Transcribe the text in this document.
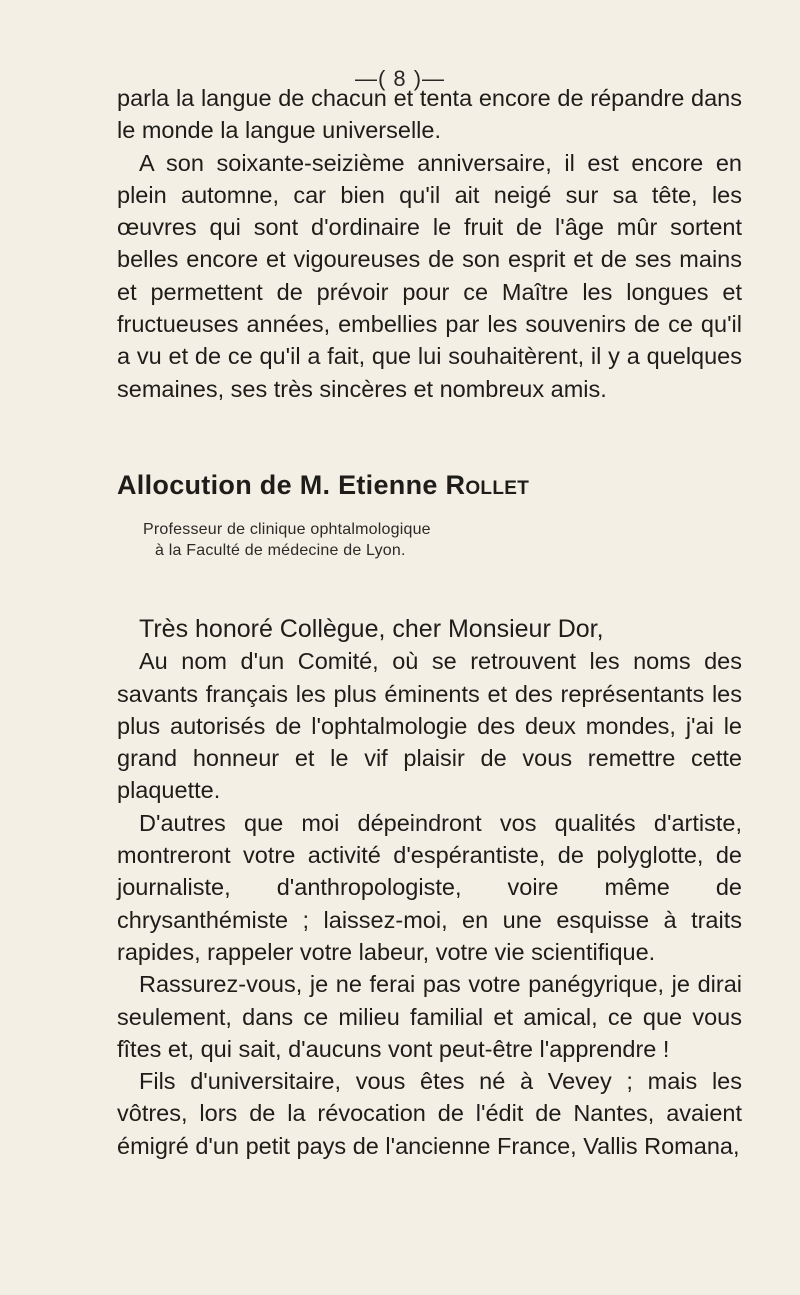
—( 8 )—

parla la langue de chacun et tenta encore de répandre dans le monde la langue universelle.

A son soixante-seizième anniversaire, il est encore en plein automne, car bien qu'il ait neigé sur sa tête, les œuvres qui sont d'ordinaire le fruit de l'âge mûr sortent belles encore et vigoureuses de son esprit et de ses mains et permettent de prévoir pour ce Maître les longues et fructueuses années, embellies par les souvenirs de ce qu'il a vu et de ce qu'il a fait, que lui souhaitèrent, il y a quelques semaines, ses très sincères et nombreux amis.

Allocution de M. Etienne Rollet
Professeur de clinique ophtalmologique
à la Faculté de médecine de Lyon.

Très honoré Collègue, cher Monsieur Dor,

Au nom d'un Comité, où se retrouvent les noms des savants français les plus éminents et des représentants les plus autorisés de l'ophtalmologie des deux mondes, j'ai le grand honneur et le vif plaisir de vous remettre cette plaquette.

D'autres que moi dépeindront vos qualités d'artiste, montreront votre activité d'espérantiste, de polyglotte, de journaliste, d'anthropologiste, voire même de chrysanthémiste ; laissez-moi, en une esquisse à traits rapides, rappeler votre labeur, votre vie scientifique.

Rassurez-vous, je ne ferai pas votre panégyrique, je dirai seulement, dans ce milieu familial et amical, ce que vous fîtes et, qui sait, d'aucuns vont peut-être l'apprendre !

Fils d'universitaire, vous êtes né à Vevey ; mais les vôtres, lors de la révocation de l'édit de Nantes, avaient émigré d'un petit pays de l'ancienne France, Vallis Romana,
